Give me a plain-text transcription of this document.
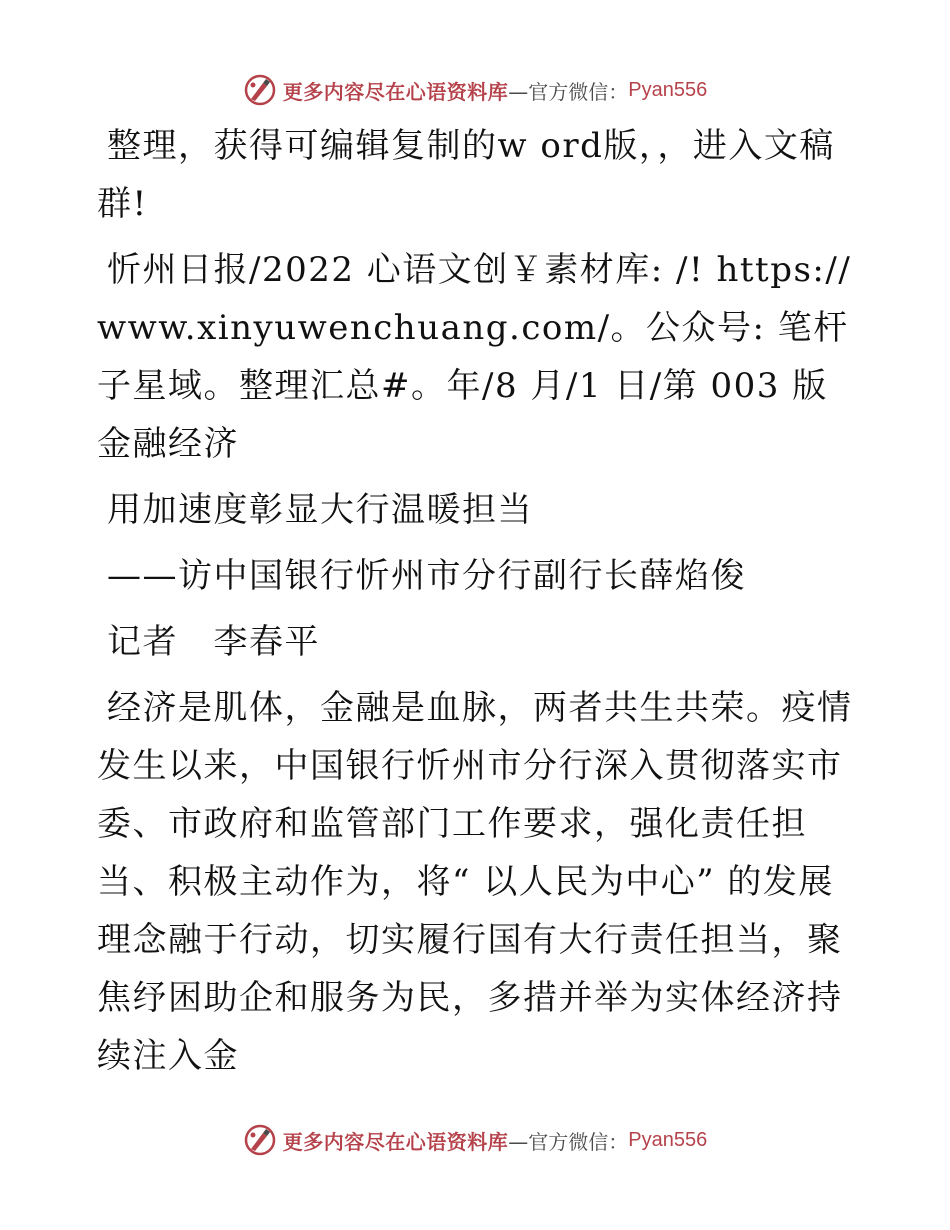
更多内容尽在心语资料库 —官方微信： Pyan556

整理，获得可编辑复制的w ord版，，进入文稿群!

忻州日报/2022 心语文创￥素材库: /! https://www.xinyuwenchuang.com/。公众号: 笔杆子星域。整理汇总#。年/8 月/1 日/第 003 版金融经济

用加速度彰显大行温暖担当

——访中国银行忻州市分行副行长薛焰俊

记者　李春平

经济是肌体，金融是血脉，两者共生共荣。疫情发生以来，中国银行忻州市分行深入贯彻落实市委、市政府和监管部门工作要求，强化责任担当、积极主动作为，将“ 以人民为中心” 的发展理念融于行动，切实履行国有大行责任担当，聚焦纾困助企和服务为民，多措并举为实体经济持续注入金

更多内容尽在心语资料库 —官方微信： Pyan556
